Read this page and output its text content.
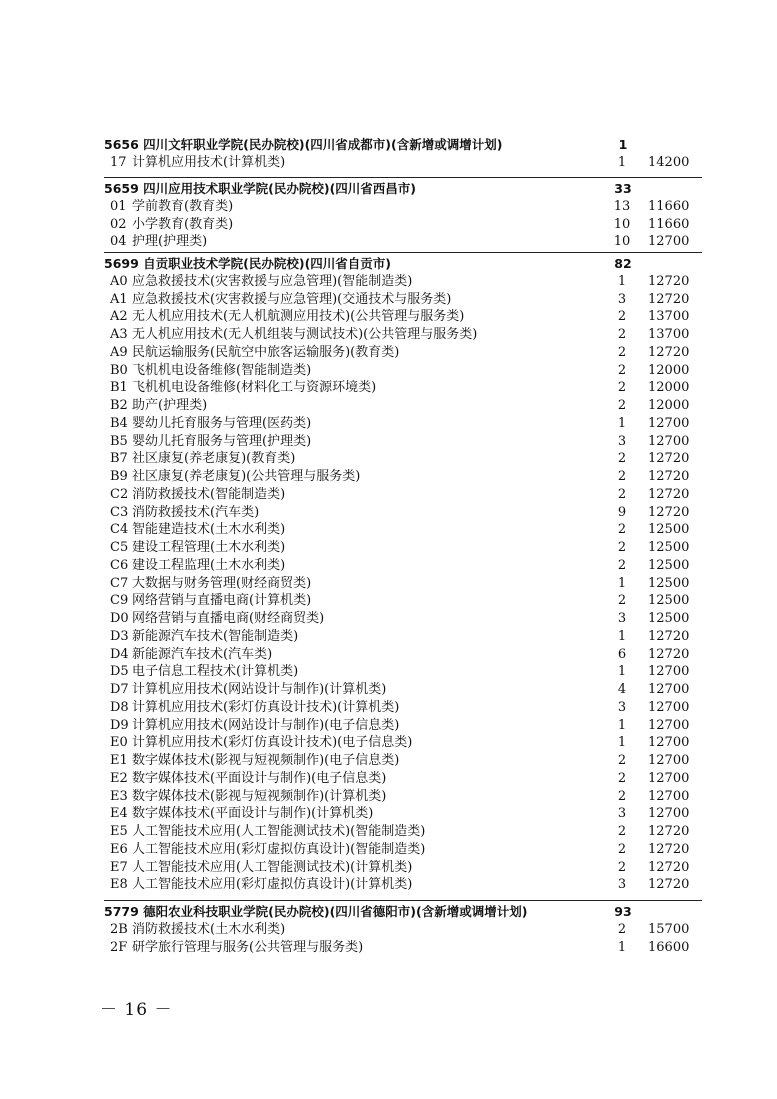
5656 四川文轩职业学院(民办院校)(四川省成都市)(含新增或调增计划)	1
17 计算机应用技术(计算机类)	1	14200
5659 四川应用技术职业学院(民办院校)(四川省西昌市)	33
01 学前教育(教育类)	13 11660
02 小学教育(教育类)	10 11660
04 护理(护理类)	10 12700
5699 自贡职业技术学院(民办院校)(四川省自贡市)	82
A0 应急救援技术(灾害救援与应急管理)(智能制造类)	1	12720
A1 应急救援技术(灾害救援与应急管理)(交通技术与服务类)	3	12720
A2 无人机应用技术(无人机航测应用技术)(公共管理与服务类)	2	13700
A3 无人机应用技术(无人机组装与测试技术)(公共管理与服务类)	2	13700
A9 民航运输服务(民航空中旅客运输服务)(教育类)	2	12720
B0 飞机机电设备维修(智能制造类)	2	12000
B1 飞机机电设备维修(材料化工与资源环境类)	2	12000
B2 助产(护理类)	2	12000
B4 婴幼儿托育服务与管理(医药类)	1	12700
B5 婴幼儿托育服务与管理(护理类)	3	12700
B7 社区康复(养老康复)(教育类)	2	12720
B9 社区康复(养老康复)(公共管理与服务类)	2	12720
C2 消防救援技术(智能制造类)	2	12720
C3 消防救援技术(汽车类)	9	12720
C4 智能建造技术(土木水利类)	2	12500
C5 建设工程管理(土木水利类)	2	12500
C6 建设工程监理(土木水利类)	2	12500
C7 大数据与财务管理(财经商贸类)	1	12500
C9 网络营销与直播电商(计算机类)	2	12500
D0 网络营销与直播电商(财经商贸类)	3	12500
D3 新能源汽车技术(智能制造类)	1	12720
D4 新能源汽车技术(汽车类)	6	12720
D5 电子信息工程技术(计算机类)	1	12700
D7 计算机应用技术(网站设计与制作)(计算机类)	4	12700
D8 计算机应用技术(彩灯仿真设计技术)(计算机类)	3	12700
D9 计算机应用技术(网站设计与制作)(电子信息类)	1	12700
E0 计算机应用技术(彩灯仿真设计技术)(电子信息类)	1	12700
E1 数字媒体技术(影视与短视频制作)(电子信息类)	2	12700
E2 数字媒体技术(平面设计与制作)(电子信息类)	2	12700
E3 数字媒体技术(影视与短视频制作)(计算机类)	2	12700
E4 数字媒体技术(平面设计与制作)(计算机类)	3	12700
E5 人工智能技术应用(人工智能测试技术)(智能制造类)	2	12720
E6 人工智能技术应用(彩灯虚拟仿真设计)(智能制造类)	2	12720
E7 人工智能技术应用(人工智能测试技术)(计算机类)	2	12720
E8 人工智能技术应用(彩灯虚拟仿真设计)(计算机类)	3	12720
5779 德阳农业科技职业学院(民办院校)(四川省德阳市)(含新增或调增计划)	93
2B 消防救援技术(土木水利类)	2	15700
2F 研学旅行管理与服务(公共管理与服务类)	1	16600
－ 16 －
